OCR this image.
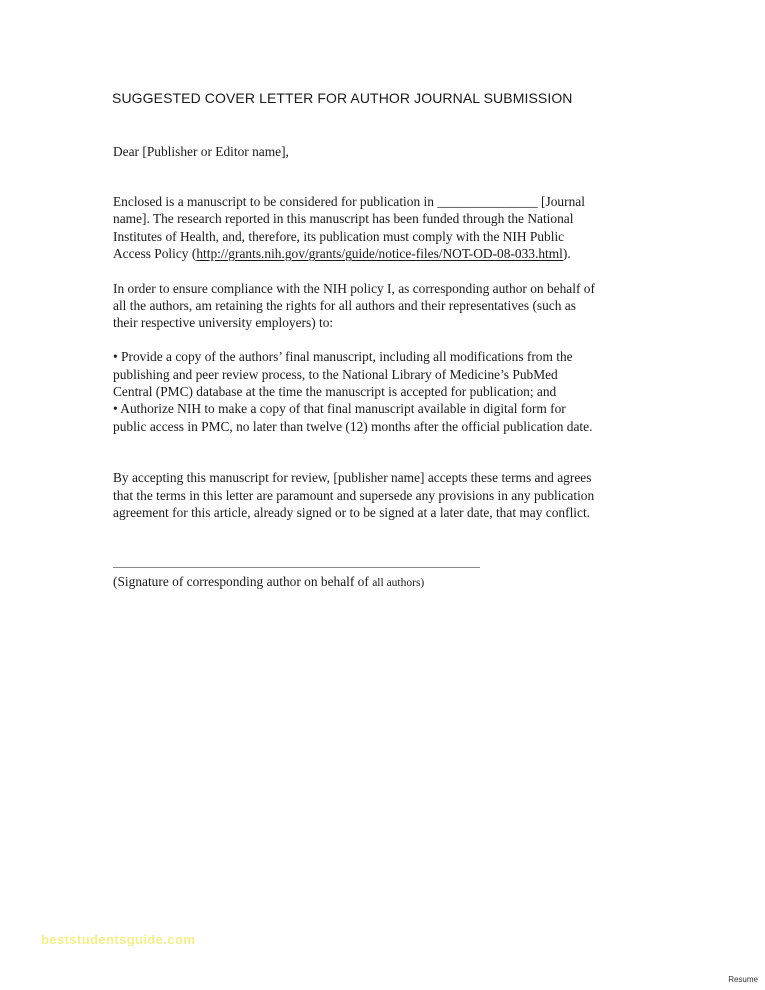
SUGGESTED COVER LETTER FOR AUTHOR JOURNAL SUBMISSION
Dear [Publisher or Editor name],
Enclosed is a manuscript to be considered for publication in _______________ [Journal
name]. The research reported in this manuscript has been funded through the National
Institutes of Health, and, therefore, its publication must comply with the NIH Public
Access Policy (http://grants.nih.gov/grants/guide/notice-files/NOT-OD-08-033.html).
In order to ensure compliance with the NIH policy I, as corresponding author on behalf of
all the authors, am retaining the rights for all authors and their representatives (such as
their respective university employers) to:
• Provide a copy of the authors’ final manuscript, including all modifications from the
publishing and peer review process, to the National Library of Medicine’s PubMed
Central (PMC) database at the time the manuscript is accepted for publication; and
• Authorize NIH to make a copy of that final manuscript available in digital form for
public access in PMC, no later than twelve (12) months after the official publication date.
By accepting this manuscript for review, [publisher name] accepts these terms and agrees
that the terms in this letter are paramount and supersede any provisions in any publication
agreement for this article, already signed or to be signed at a later date, that may conflict.
(Signature of corresponding author on behalf of all authors)
beststudentsguide.com
Resume
